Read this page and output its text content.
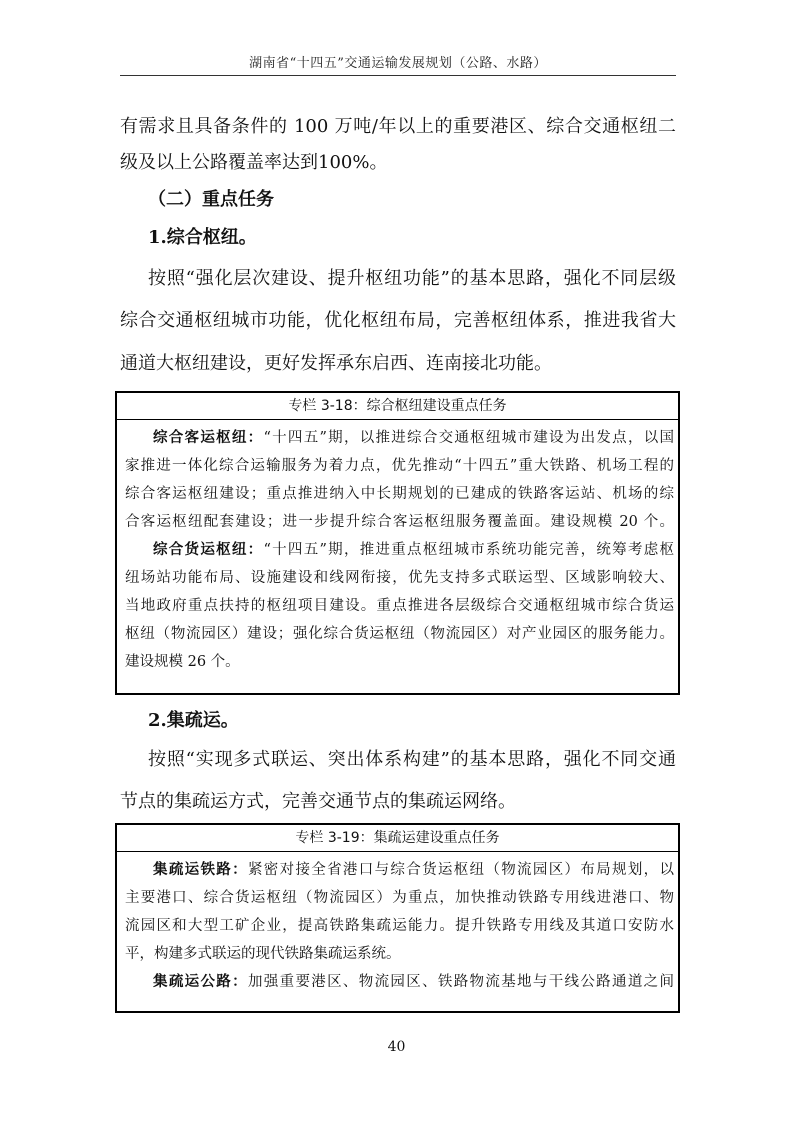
湖南省“十四五”交通运输发展规划（公路、水路）
有需求且具备条件的 100 万吨/年以上的重要港区、综合交通枢纽二
级及以上公路覆盖率达到100%。
（二）重点任务
1.综合枢纽。
按照“强化层次建设、提升枢纽功能”的基本思路，强化不同层级
综合交通枢纽城市功能，优化枢纽布局，完善枢纽体系，推进我省大
通道大枢纽建设，更好发挥承东启西、连南接北功能。
专栏 3-18：综合枢纽建设重点任务
综合客运枢纽：“十四五”期，以推进综合交通枢纽城市建设为出发点，以国
家推进一体化综合运输服务为着力点，优先推动“十四五”重大铁路、机场工程的
综合客运枢纽建设；重点推进纳入中长期规划的已建成的铁路客运站、机场的综
合客运枢纽配套建设；进一步提升综合客运枢纽服务覆盖面。建设规模 20 个。
综合货运枢纽：“十四五”期，推进重点枢纽城市系统功能完善，统筹考虑枢
纽场站功能布局、设施建设和线网衔接，优先支持多式联运型、区域影响较大、
当地政府重点扶持的枢纽项目建设。重点推进各层级综合交通枢纽城市综合货运
枢纽（物流园区）建设；强化综合货运枢纽（物流园区）对产业园区的服务能力。
建设规模 26 个。
2.集疏运。
按照“实现多式联运、突出体系构建”的基本思路，强化不同交通
节点的集疏运方式，完善交通节点的集疏运网络。
专栏 3-19：集疏运建设重点任务
集疏运铁路：紧密对接全省港口与综合货运枢纽（物流园区）布局规划，以
主要港口、综合货运枢纽（物流园区）为重点，加快推动铁路专用线进港口、物
流园区和大型工矿企业，提高铁路集疏运能力。提升铁路专用线及其道口安防水
平，构建多式联运的现代铁路集疏运系统。
集疏运公路：加强重要港区、物流园区、铁路物流基地与干线公路通道之间
40
